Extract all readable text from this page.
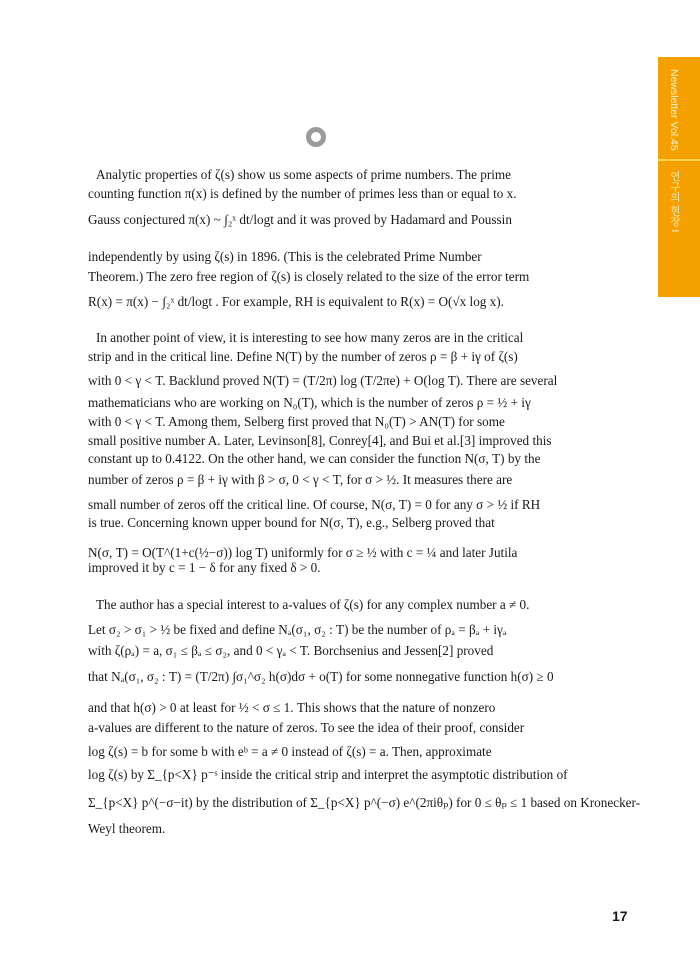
Newsletter Vol.45
연구의 현장 I
Analytic properties of ζ(s) show us some aspects of prime numbers. The prime
counting function π(x) is defined by the number of primes less than or equal to x.
Gauss conjectured π(x) ~ ∫₂ˣ dt/logt and it was proved by Hadamard and Poussin
independently by using ζ(s) in 1896. (This is the celebrated Prime Number
Theorem.) The zero free region of ζ(s) is closely related to the size of the error term
R(x) = π(x) − ∫₂ˣ dt/logt . For example, RH is equivalent to R(x) = O(√x log x).
In another point of view, it is interesting to see how many zeros are in the critical
strip and in the critical line. Define N(T) by the number of zeros ρ = β + iγ of ζ(s)
with 0 < γ < T. Backlund proved N(T) = (T/2π) log (T/2πe) + O(log T). There are several
mathematicians who are working on N₀(T), which is the number of zeros ρ = ½ + iγ
with 0 < γ < T. Among them, Selberg first proved that N₀(T) > AN(T) for some
small positive number A. Later, Levinson[8], Conrey[4], and Bui et al.[3] improved this
constant up to 0.4122. On the other hand, we can consider the function N(σ, T) by the
number of zeros ρ = β + iγ with β > σ, 0 < γ < T, for σ > ½. It measures there are
small number of zeros off the critical line. Of course, N(σ, T) = 0 for any σ > ½ if RH
is true. Concerning known upper bound for N(σ, T), e.g., Selberg proved that
N(σ, T) = O(T^(1+c(½−σ)) log T) uniformly for σ ≥ ½ with c = ¼ and later Jutila
improved it by c = 1 − δ for any fixed δ > 0.
The author has a special interest to a-values of ζ(s) for any complex number a ≠ 0.
Let σ₂ > σ₁ > ½ be fixed and define Nₐ(σ₁, σ₂ : T) be the number of ρₐ = βₐ + iγₐ
with ζ(ρₐ) = a, σ₁ ≤ βₐ ≤ σ₂, and 0 < γₐ < T. Borchsenius and Jessen[2] proved
that Nₐ(σ₁, σ₂ : T) = (T/2π) ∫σ₁^σ₂ h(σ)dσ + o(T) for some nonnegative function h(σ) ≥ 0
and that h(σ) > 0 at least for ½ < σ ≤ 1. This shows that the nature of nonzero
a-values are different to the nature of zeros. To see the idea of their proof, consider
log ζ(s) = b for some b with eᵇ = a ≠ 0 instead of ζ(s) = a. Then, approximate
log ζ(s) by Σ_{p<X} p⁻ˢ inside the critical strip and interpret the asymptotic distribution of
Σ_{p<X} p^(−σ−it) by the distribution of Σ_{p<X} p^(−σ) e^(2πiθₚ) for 0 ≤ θₚ ≤ 1 based on Kronecker-
Weyl theorem.
17
